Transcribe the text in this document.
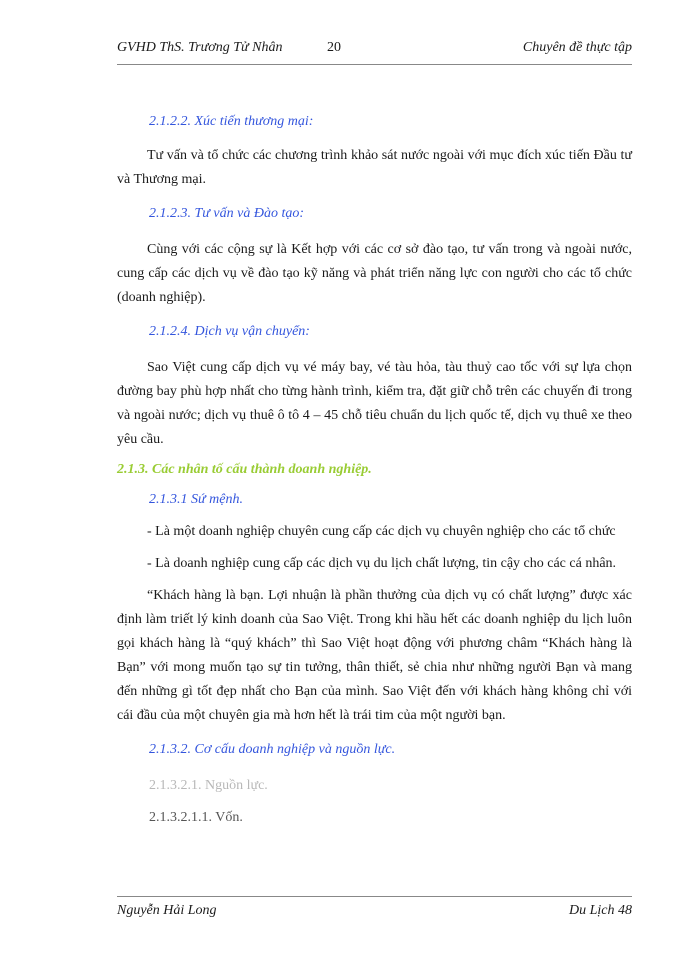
GVHD ThS. Trương Tử Nhân	20	Chuyên đề thực tập
2.1.2.2. Xúc tiến thương mại:

Tư vấn và tổ chức các chương trình khảo sát nước ngoài với mục đích xúc tiến Đầu tư và Thương mại.

2.1.2.3. Tư vấn và Đào tạo:

Cùng với các cộng sự là Kết hợp với các cơ sở đào tạo, tư vấn trong và ngoài nước, cung cấp các dịch vụ về đào tạo kỹ năng và phát triển năng lực con người cho các tổ chức (doanh nghiệp).

2.1.2.4. Dịch vụ vận chuyển:

Sao Việt cung cấp dịch vụ vé máy bay, vé tàu hỏa, tàu thuỷ cao tốc với sự lựa chọn đường bay phù hợp nhất cho từng hành trình, kiểm tra, đặt giữ chỗ trên các chuyến đi trong và ngoài nước; dịch vụ thuê ô tô 4 – 45 chỗ tiêu chuẩn du lịch quốc tế, dịch vụ thuê xe theo yêu cầu.

2.1.3. Các nhân tố cấu thành doanh nghiệp.
2.1.3.1 Sứ mệnh.

- Là một doanh nghiệp chuyên cung cấp các dịch vụ chuyên nghiệp cho các tổ chức

- Là doanh nghiệp cung cấp các dịch vụ du lịch chất lượng, tin cậy cho các cá nhân.

“Khách hàng là bạn. Lợi nhuận là phần thưởng của dịch vụ có chất lượng” được xác định làm triết lý kinh doanh của Sao Việt. Trong khi hầu hết các doanh nghiệp du lịch luôn gọi khách hàng là “quý khách” thì Sao Việt hoạt động với phương châm “Khách hàng là Bạn” với mong muốn tạo sự tin tưởng, thân thiết, sẻ chia như những người Bạn và mang đến những gì tốt đẹp nhất cho Bạn của mình. Sao Việt đến với khách hàng không chỉ với cái đầu của một chuyên gia mà hơn hết là trái tim của một người bạn.

2.1.3.2. Cơ cấu doanh nghiệp và nguồn lực.
2.1.3.2.1. Nguồn lực.
2.1.3.2.1.1. Vốn.
Nguyễn Hải Long	Du Lịch 48
